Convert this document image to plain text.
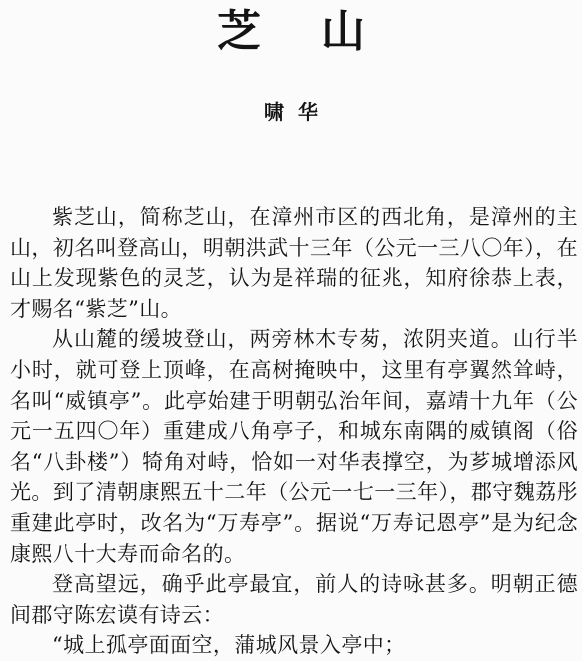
芝山
啸华

紫芝山，简称芝山，在漳州市区的西北角，是漳州的主山，初名叫登高山，明朝洪武十三年（公元一三八〇年），在山上发现紫色的灵芝，认为是祥瑞的征兆，知府徐恭上表，才赐名“紫芝”山。

从山麓的缓坡登山，两旁林木专茐，浓阴夹道。山行半小时，就可登上顶峰，在高树掩映中，这里有亭翼然耸峙，名叫“威镇亭”。此亭始建于明朝弘治年间，嘉靖十九年（公元一五四〇年）重建成八角亭子，和城东南隅的威镇阁（俗名“八卦楼”）犄角对峙，恰如一对华表撑空，为芗城增添风光。到了清朝康熙五十二年（公元一七一三年），郡守魏荔彤重建此亭时，改名为“万寿亭”。据说“万寿记恩亭”是为纪念康熙八十大寿而命名的。

登高望远，确乎此亭最宜，前人的诗咏甚多。明朝正德间郡守陈宏谟有诗云：

“城上孤亭面面空，蒲城风景入亭中；
